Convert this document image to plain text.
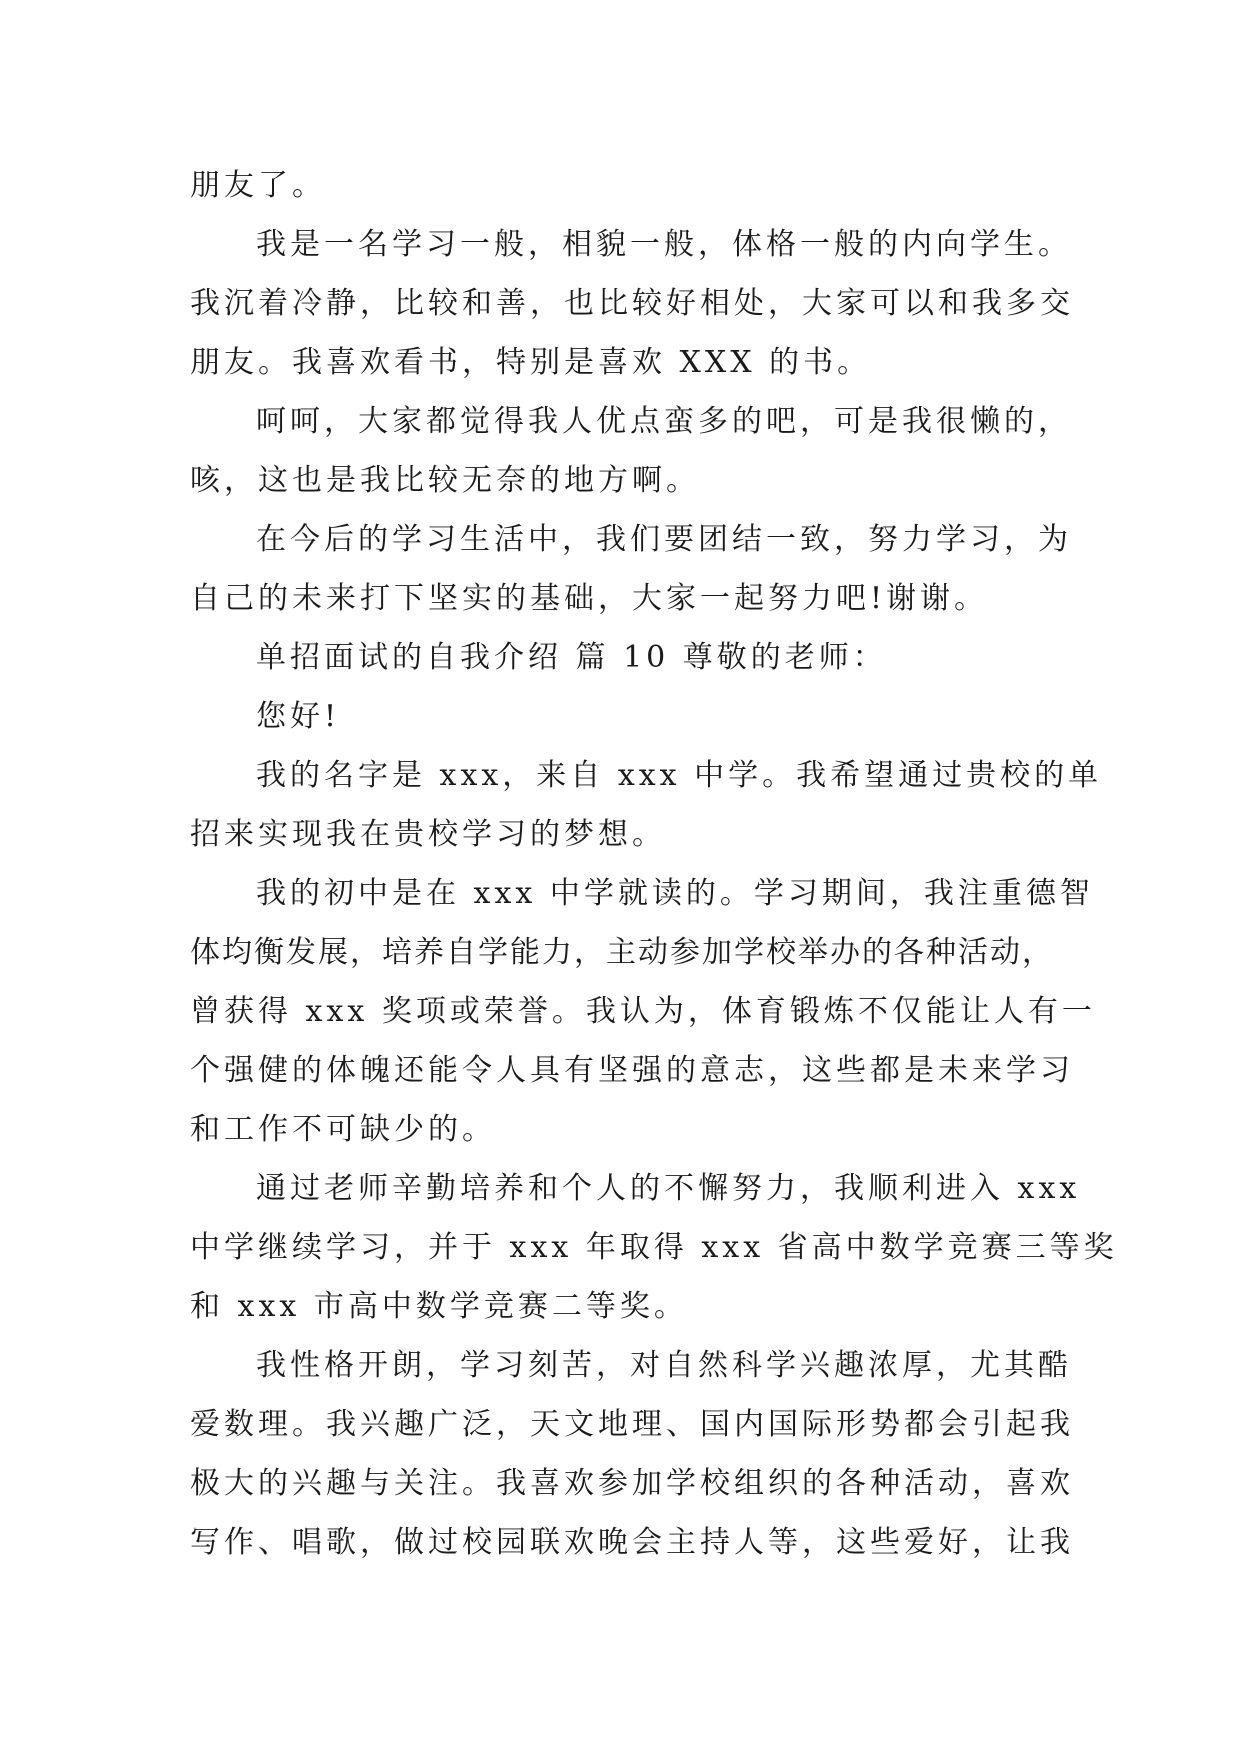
朋友了。
我是一名学习一般，相貌一般，体格一般的内向学生。
我沉着冷静，比较和善，也比较好相处，大家可以和我多交
朋友。我喜欢看书，特别是喜欢 XXX 的书。
呵呵，大家都觉得我人优点蛮多的吧，可是我很懒的，
咳，这也是我比较无奈的地方啊。
在今后的学习生活中，我们要团结一致，努力学习，为
自己的未来打下坚实的基础，大家一起努力吧!谢谢。
单招面试的自我介绍 篇 10 尊敬的老师：
您好!
我的名字是 xxx，来自 xxx 中学。我希望通过贵校的单
招来实现我在贵校学习的梦想。
我的初中是在 xxx 中学就读的。学习期间，我注重德智
体均衡发展，培养自学能力，主动参加学校举办的各种活动，
曾获得 xxx 奖项或荣誉。我认为，体育锻炼不仅能让人有一
个强健的体魄还能令人具有坚强的意志，这些都是未来学习
和工作不可缺少的。
通过老师辛勤培养和个人的不懈努力，我顺利进入 xxx
中学继续学习，并于 xxx 年取得 xxx 省高中数学竞赛三等奖
和 xxx 市高中数学竞赛二等奖。
我性格开朗，学习刻苦，对自然科学兴趣浓厚，尤其酷
爱数理。我兴趣广泛，天文地理、国内国际形势都会引起我
极大的兴趣与关注。我喜欢参加学校组织的各种活动，喜欢
写作、唱歌，做过校园联欢晚会主持人等，这些爱好，让我
